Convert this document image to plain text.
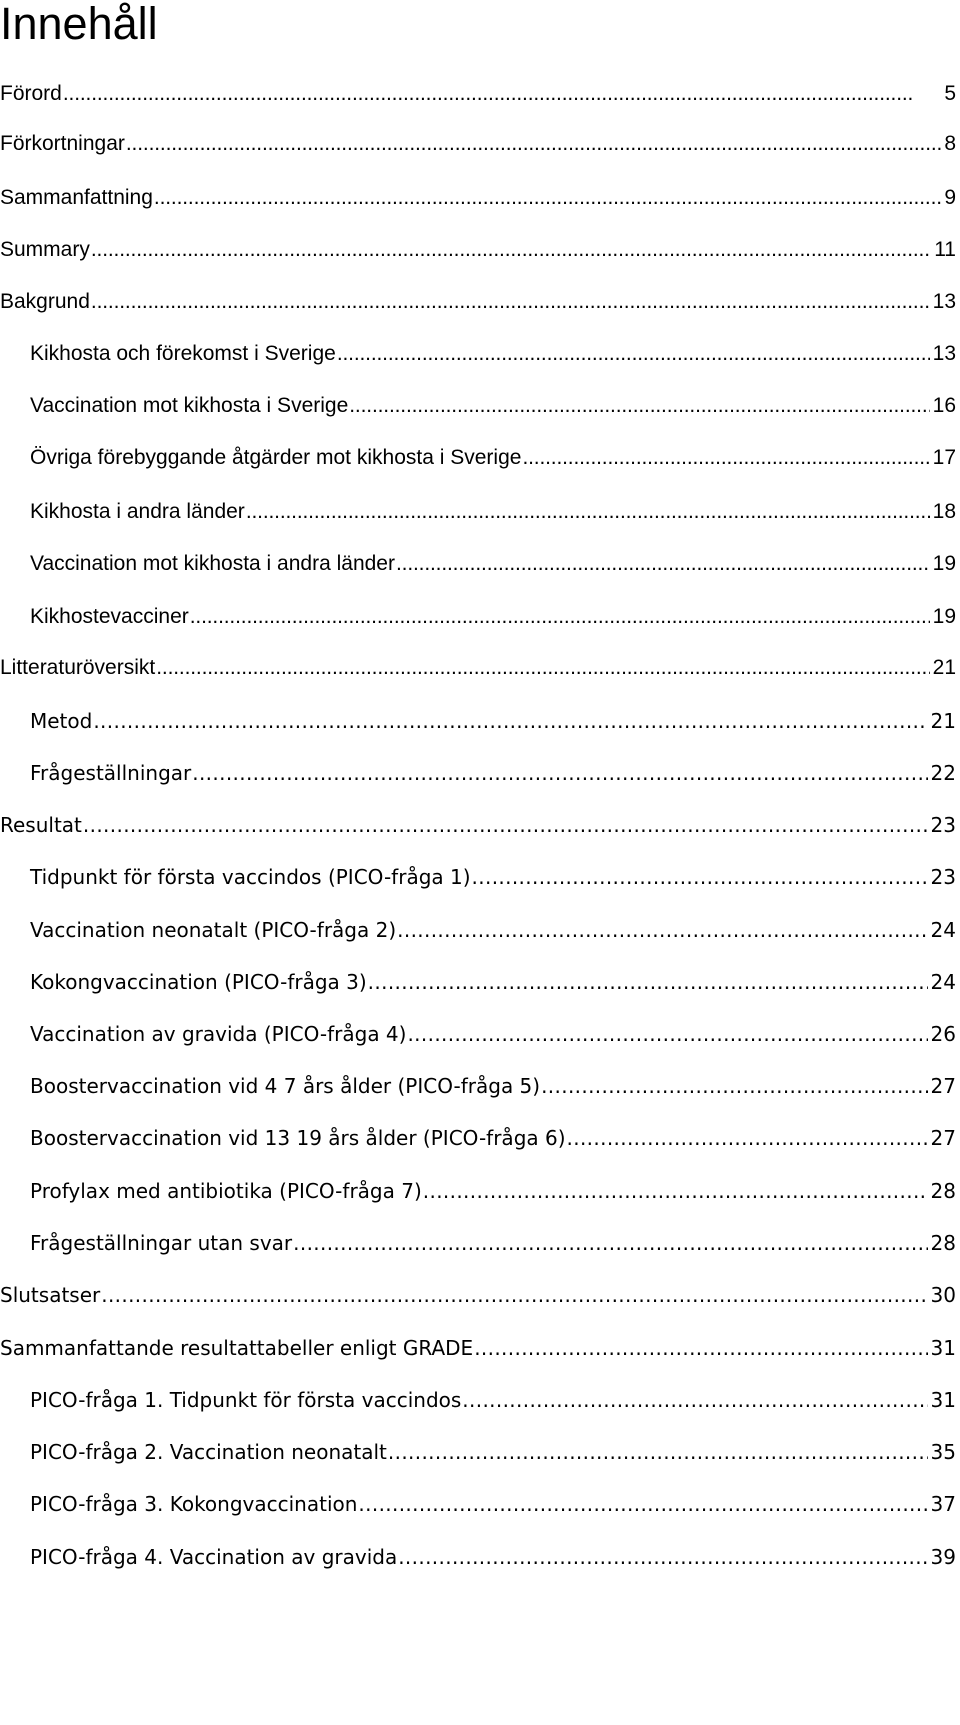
Innehåll
Förord . . .	5
Förkortningar . . .	8
Sammanfattning . . .	9
Summary . . .	11
Bakgrund . . .	13
Kikhosta och förekomst i Sverige . . .	13
Vaccination mot kikhosta i Sverige . . .	16
Övriga förebyggande åtgärder mot kikhosta i Sverige . . .	17
Kikhosta i andra länder . . .	18
Vaccination mot kikhosta i andra länder . . .	19
Kikhostevacciner . . .	19
Litteraturöversikt . . .	21
Metod . . .	21
Frågeställningar . . .	22
Resultat . . .	23
Tidpunkt för första vaccindos (PICO-fråga 1) . . .	23
Vaccination neonatalt (PICO-fråga 2) . . .	24
Kokongvaccination (PICO-fråga 3) . . .	24
Vaccination av gravida (PICO-fråga 4) . . .	26
Boostervaccination vid 4 7 års ålder (PICO-fråga 5) . . .	27
Boostervaccination vid 13 19 års ålder (PICO-fråga 6) . . .	27
Profylax med antibiotika (PICO-fråga 7) . . .	28
Frågeställningar utan svar . . .	28
Slutsatser . . .	30
Sammanfattande resultattabeller enligt GRADE . . .	31
PICO-fråga 1. Tidpunkt för första vaccindos . . .	31
PICO-fråga 2. Vaccination neonatalt . . .	35
PICO-fråga 3. Kokongvaccination . . .	37
PICO-fråga 4. Vaccination av gravida . . .	39
